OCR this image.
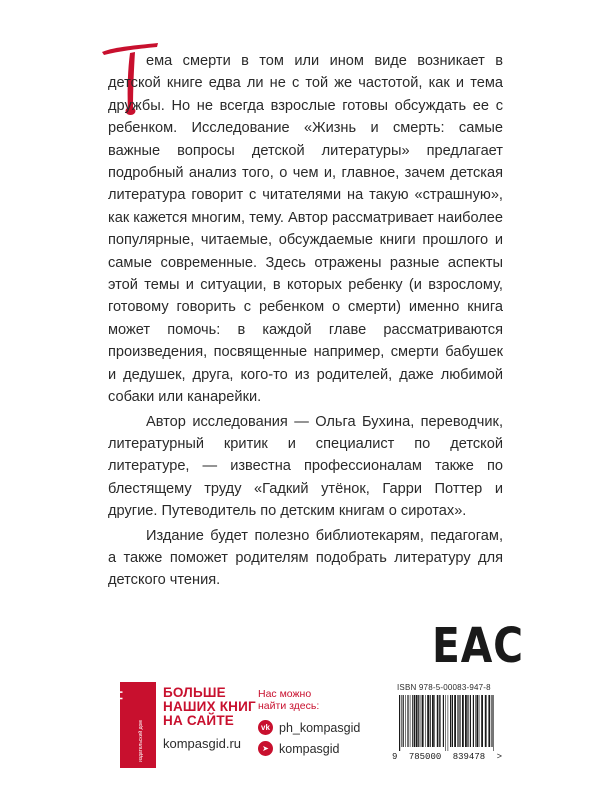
ема смерти в том или ином виде возникает в детской книге едва ли не с той же частотой, как и тема дружбы. Но не всегда взрослые готовы обсуждать ее с ребенком. Исследование «Жизнь и смерть: самые важные вопросы детской литературы» предлагает подробный анализ того, о чем и, главное, зачем детская литература говорит с читателями на такую «страшную», как кажется многим, тему. Автор рассматривает наиболее популярные, читаемые, обсуждаемые книги прошлого и самые современные. Здесь отражены разные аспекты этой темы и ситуации, в которых ребенку (и взрослому, готовому говорить с ребенком о смерти) именно книга может помочь: в каждой главе рассматриваются произведения, посвященные например, смерти бабушек и дедушек, друга, кого-то из родителей, даже любимой собаки или канарейки.

Автор исследования — Ольга Бухина, переводчик, литературный критик и специалист по детской литературе, — известна профессионалам также по блестящему труду «Гадкий утёнок, Гарри Поттер и другие. Путеводитель по детским книгам о сиротах».

Издание будет полезно библиотекарям, педагогам, а также поможет родителям подобрать литературу для детского чтения.

ЕАС
КомпасГид	издательский дом
БОЛЬШЕ
НАШИХ КНИГ
НА САЙТЕ
kompasgid.ru
Нас можно
найти здесь:
vk ph_kompasgid
➤ kompasgid
ISBN 978-5-00083-947-8
9 785000 839478 >
